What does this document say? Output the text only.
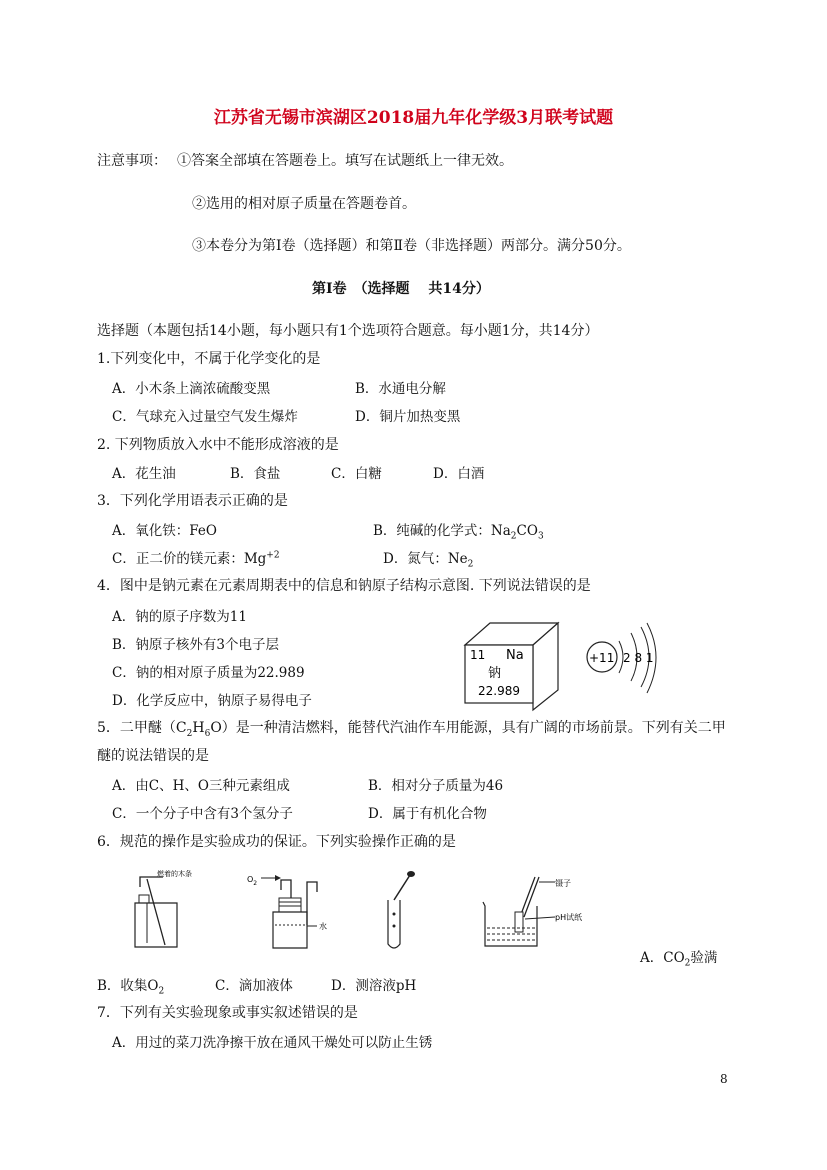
江苏省无锡市滨湖区2018届九年化学级3月联考试题
注意事项： ①答案全部填在答题卷上。填写在试题纸上一律无效。
②选用的相对原子质量在答题卷首。
③本卷分为第Ⅰ卷（选择题）和第Ⅱ卷（非选择题）两部分。满分50分。
第Ⅰ卷　（选择题　 共14分）
选择题（本题包括14小题，每小题只有1个选项符合题意。每小题1分，共14分）
1.下列变化中，不属于化学变化的是
A．小木条上滴浓硫酸变黑	B．水通电分解
C．气球充入过量空气发生爆炸	D．铜片加热变黑
2. 下列物质放入水中不能形成溶液的是
A．花生油	B．食盐	C．白糖	D．白酒
3．下列化学用语表示正确的是
A．氧化铁：FeO	B．纯碱的化学式：$Na_2CO_3$
C．正二价的镁元素：$Mg^{+2}$	D．氮气：$Ne_2$
4．图中是钠元素在元素周期表中的信息和钠原子结构示意图. 下列说法错误的是
A．钠的原子序数为11
B．钠原子核外有3个电子层
C．钠的相对原子质量为22.989
D．化学反应中，钠原子易得电子
11 Na
钠
22.989
+11 2 8 1
5．二甲醚$(C_2H_6O)$是一种清洁燃料，能替代汽油作车用能源，具有广阔的市场前景。下列有关二甲
醚的说法错误的是
A．由C、H、O三种元素组成	B．相对分子质量为46
C．一个分子中含有3个氢分子	D．属于有机化合物
6．规范的操作是实验成功的保证。下列实验操作正确的是
燃着的木条
$O_2$
水
镊子
pH试纸
A．$CO_2$验满
B．收集$O_2$	C．滴加液体	D．测溶液pH
7．下列有关实验现象或事实叙述错误的是
A．用过的菜刀洗净擦干放在通风干燥处可以防止生锈
8
